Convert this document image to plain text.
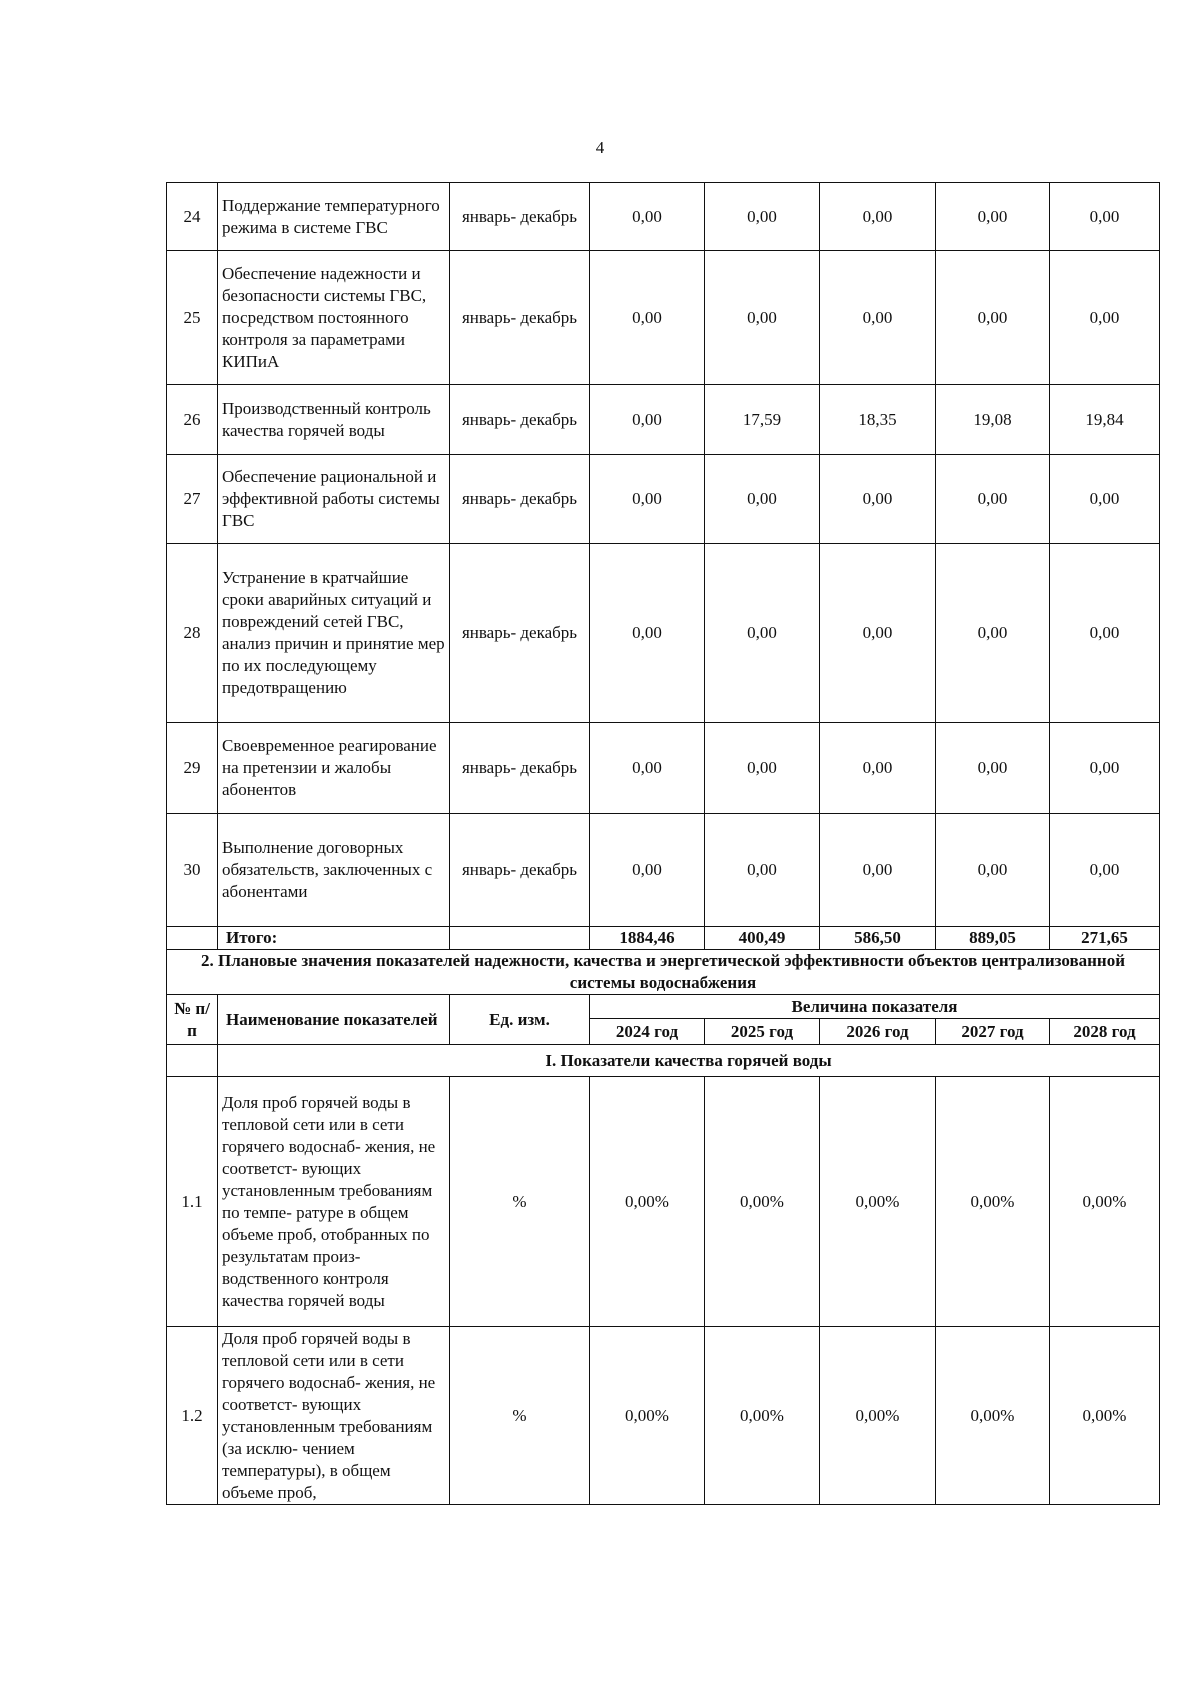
4
24	Поддержание температурного режима в системе ГВС	январь- декабрь	0,00	0,00	0,00	0,00	0,00
25	Обеспечение надежности и безопасности системы ГВС, посредством постоянного контроля за параметрами КИПиА	январь- декабрь	0,00	0,00	0,00	0,00	0,00
26	Производственный контроль качества горячей воды	январь- декабрь	0,00	17,59	18,35	19,08	19,84
27	Обеспечение рациональной и эффективной работы системы ГВС	январь- декабрь	0,00	0,00	0,00	0,00	0,00
28	Устранение в кратчайшие сроки аварийных ситуаций и повреждений сетей ГВС, анализ причин и принятие мер по их последующему предотвращению	январь- декабрь	0,00	0,00	0,00	0,00	0,00
29	Своевременное реагирование на претензии и жалобы абонентов	январь- декабрь	0,00	0,00	0,00	0,00	0,00
30	Выполнение договорных обязательств, заключенных с абонентами	январь- декабрь	0,00	0,00	0,00	0,00	0,00
	Итого:		1884,46	400,49	586,50	889,05	271,65
2. Плановые значения показателей надежности, качества и энергетической эффективности объектов централизованной системы водоснабжения							
№ п/п	Наименование показателей	Ед. изм.	Величина показателя				
			2024 год	2025 год	2026 год	2027 год	2028 год
	I. Показатели качества горячей воды						
1.1	Доля проб горячей воды в тепловой сети или в сети горячего водоснаб- жения, не соответст- вующих установленным требованиям по темпе- ратуре в общем объеме проб, отобранных по результатам произ- водственного контроля качества горячей воды	%	0,00%	0,00%	0,00%	0,00%	0,00%
1.2	Доля проб горячей воды в тепловой сети или в сети горячего водоснаб- жения, не соответст- вующих установленным требованиям (за исклю- чением температуры), в общем объеме проб,	%	0,00%	0,00%	0,00%	0,00%	0,00%
